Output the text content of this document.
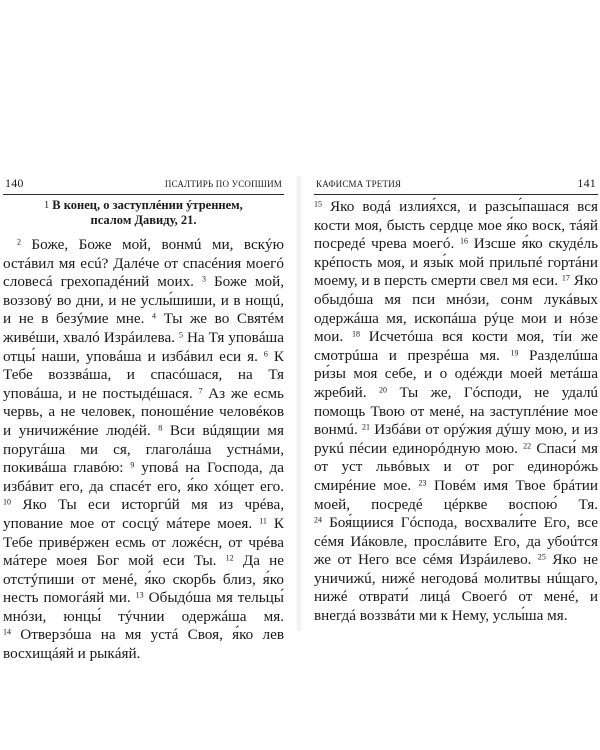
140	ПСАЛТИРЬ ПО УСОПШИМ
$^1$ В конец, о заступлéнии ýтреннем,
псалом Давиду, 21.

$^2$ Боже, Боже мой, вонмú ми, вскýю остáвил мя есú? Далéче от спасéния моегó словесá грехопадéний моих. $^3$ Боже мой, воззовý во дни, и не услы́шиши, и в нощú, и не в безýмие мне. $^4$ Ты же во Святéм живéши, хвалó Изрáилева. $^5$ На Тя уповáша отцы́ наши, уповáша и избáвил еси я. $^6$ К Тебе воззвáша, и спасóшася, на Тя уповáша, и не постыдéшася. $^7$ Аз же есмь червь, а не человек, поношéние человéков и уничижéние людéй. $^8$ Вси вúдящии мя поругáша ми ся, глаголáша устнáми, покивáша главóю: $^9$ уповá на Господа, да избáвит его, да спасéт его, я́ко хóщет его. $^{10}$ Яко Ты еси исторгúй мя из чрéва, упование мое от сосцý мáтере моея. $^{11}$ К Тебе привéржен есмь от ложéсн, от чрéва мáтере моея Бог мой еси Ты. $^{12}$ Да не отстýпиши от менé, я́ко скорбь близ, я́ко несть помогáяй ми. $^{13}$ Обыдóша мя тельцы́ мнóзи, юнцы́ тýчнии одержáша мя. $^{14}$ Отверзóша на мя устá Своя, я́ко лев восхищáяй и рыкáяй.

КАФИСМА ТРЕТИЯ	141

$^{15}$ Яко водá излия́хся, и разсы́пашася вся кости моя, бысть сердце мое я́ко воск, тáяй посредé чрева моегó. $^{16}$ Изсше я́ко скудéль крéпость моя, и язы́к мой прильпé гортáни моему, и в персть смерти свел мя еси. $^{17}$ Яко обыдóша мя пси мнóзи, сонм лукáвых одержáша мя, ископáша рýце мои и нóзе мои. $^{18}$ Исчетóша вся кости моя, тíи же смотрúша и презрéша мя. $^{19}$ Разделúша ри́зы моя себе, и о одéжди моей метáша жребий. $^{20}$ Ты же, Гóсподи, не удалú помощь Твою от менé, на заступлéние мое вонмú. $^{21}$ Избáви от орýжия дýшу мою, и из рукú пéсии единорóдную мою. $^{22}$ Спаси́ мя от уст львóвых и от рог единорóжь смирéние мое. $^{23}$ Повéм имя Твое брáтии моей, посредé цéркве воспою́ Тя. $^{24}$ Боя́щиися Гóспода, восхвали́те Его, все сéмя Иáковле, прослáвите Его, да убоúтся же от Него все сéмя Изрáилево. $^{25}$ Яко не уничижú, нижé негодовá молитвы нúщаго, нижé отврати́ лицá Своегó от менé, и внегдá воззвáти ми к Нему, услы́ша мя.
